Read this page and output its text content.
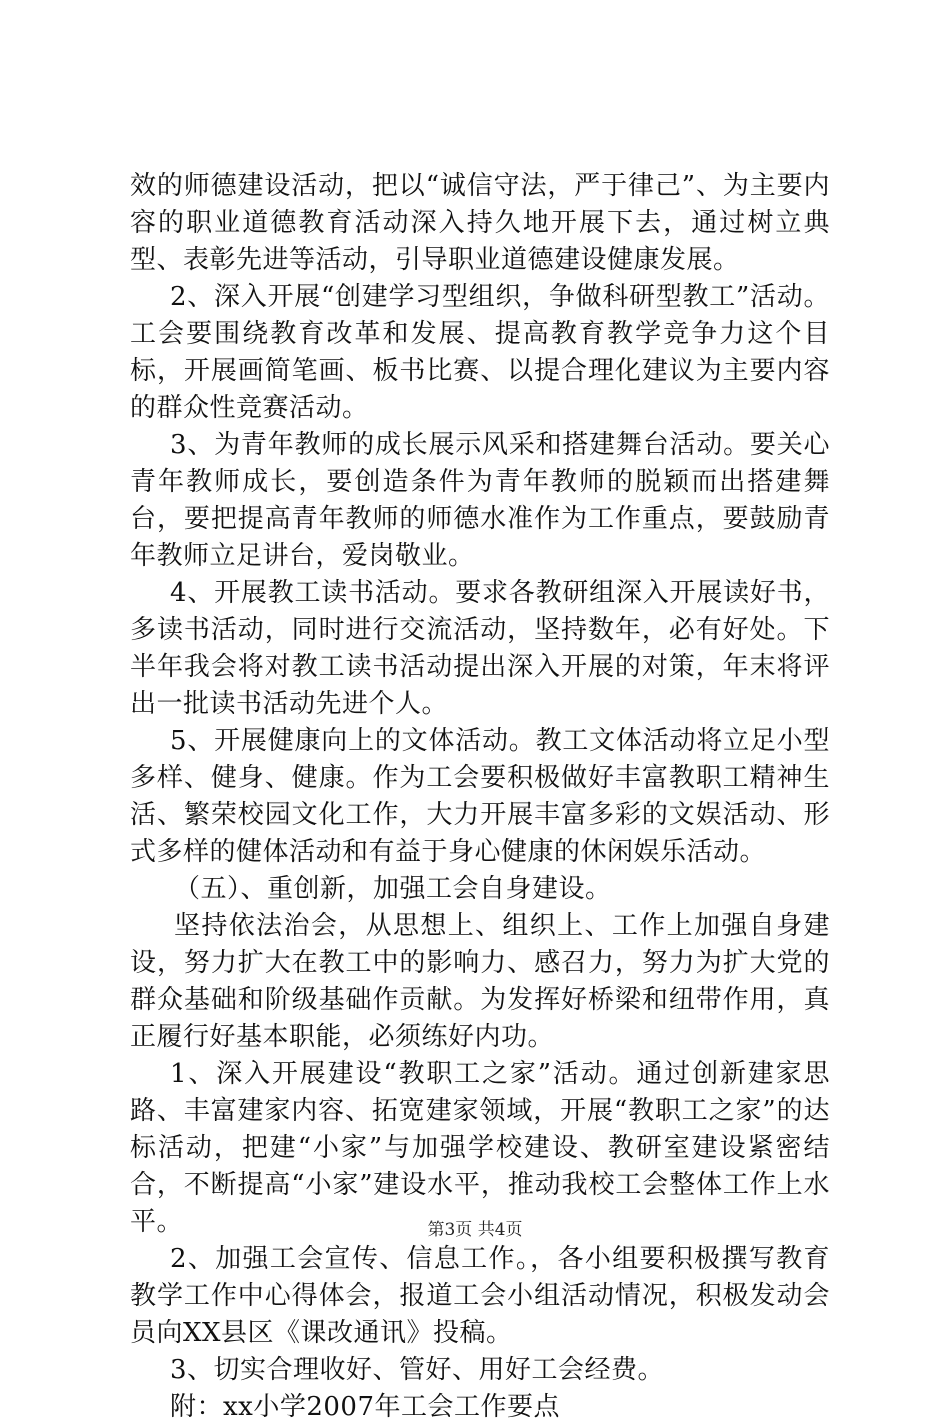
效的师德建设活动，把以“诚信守法，严于律己”、为主要内容的职业道德教育活动深入持久地开展下去，通过树立典型、表彰先进等活动，引导职业道德建设健康发展。

2、深入开展“创建学习型组织，争做科研型教工”活动。工会要围绕教育改革和发展、提高教育教学竞争力这个目标，开展画简笔画、板书比赛、以提合理化建议为主要内容的群众性竞赛活动。

3、为青年教师的成长展示风采和搭建舞台活动。要关心青年教师成长，要创造条件为青年教师的脱颖而出搭建舞台，要把提高青年教师的师德水准作为工作重点，要鼓励青年教师立足讲台，爱岗敬业。

4、开展教工读书活动。要求各教研组深入开展读好书，多读书活动，同时进行交流活动，坚持数年，必有好处。下半年我会将对教工读书活动提出深入开展的对策，年末将评出一批读书活动先进个人。

5、开展健康向上的文体活动。教工文体活动将立足小型多样、健身、健康。作为工会要积极做好丰富教职工精神生活、繁荣校园文化工作，大力开展丰富多彩的文娱活动、形式多样的健体活动和有益于身心健康的休闲娱乐活动。

（五）、重创新，加强工会自身建设。

坚持依法治会，从思想上、组织上、工作上加强自身建设，努力扩大在教工中的影响力、感召力，努力为扩大党的群众基础和阶级基础作贡献。为发挥好桥梁和纽带作用，真正履行好基本职能，必须练好内功。

1、深入开展建设“教职工之家”活动。通过创新建家思路、丰富建家内容、拓宽建家领域，开展“教职工之家”的达标活动，把建“小家”与加强学校建设、教研室建设紧密结合，不断提高“小家”建设水平，推动我校工会整体工作上水平。

2、加强工会宣传、信息工作。，各小组要积极撰写教育教学工作中心得体会，报道工会小组活动情况，积极发动会员向XX县区《课改通讯》投稿。

3、切实合理收好、管好、用好工会经费。

附：xx小学2007年工会工作要点

第3页 共4页
